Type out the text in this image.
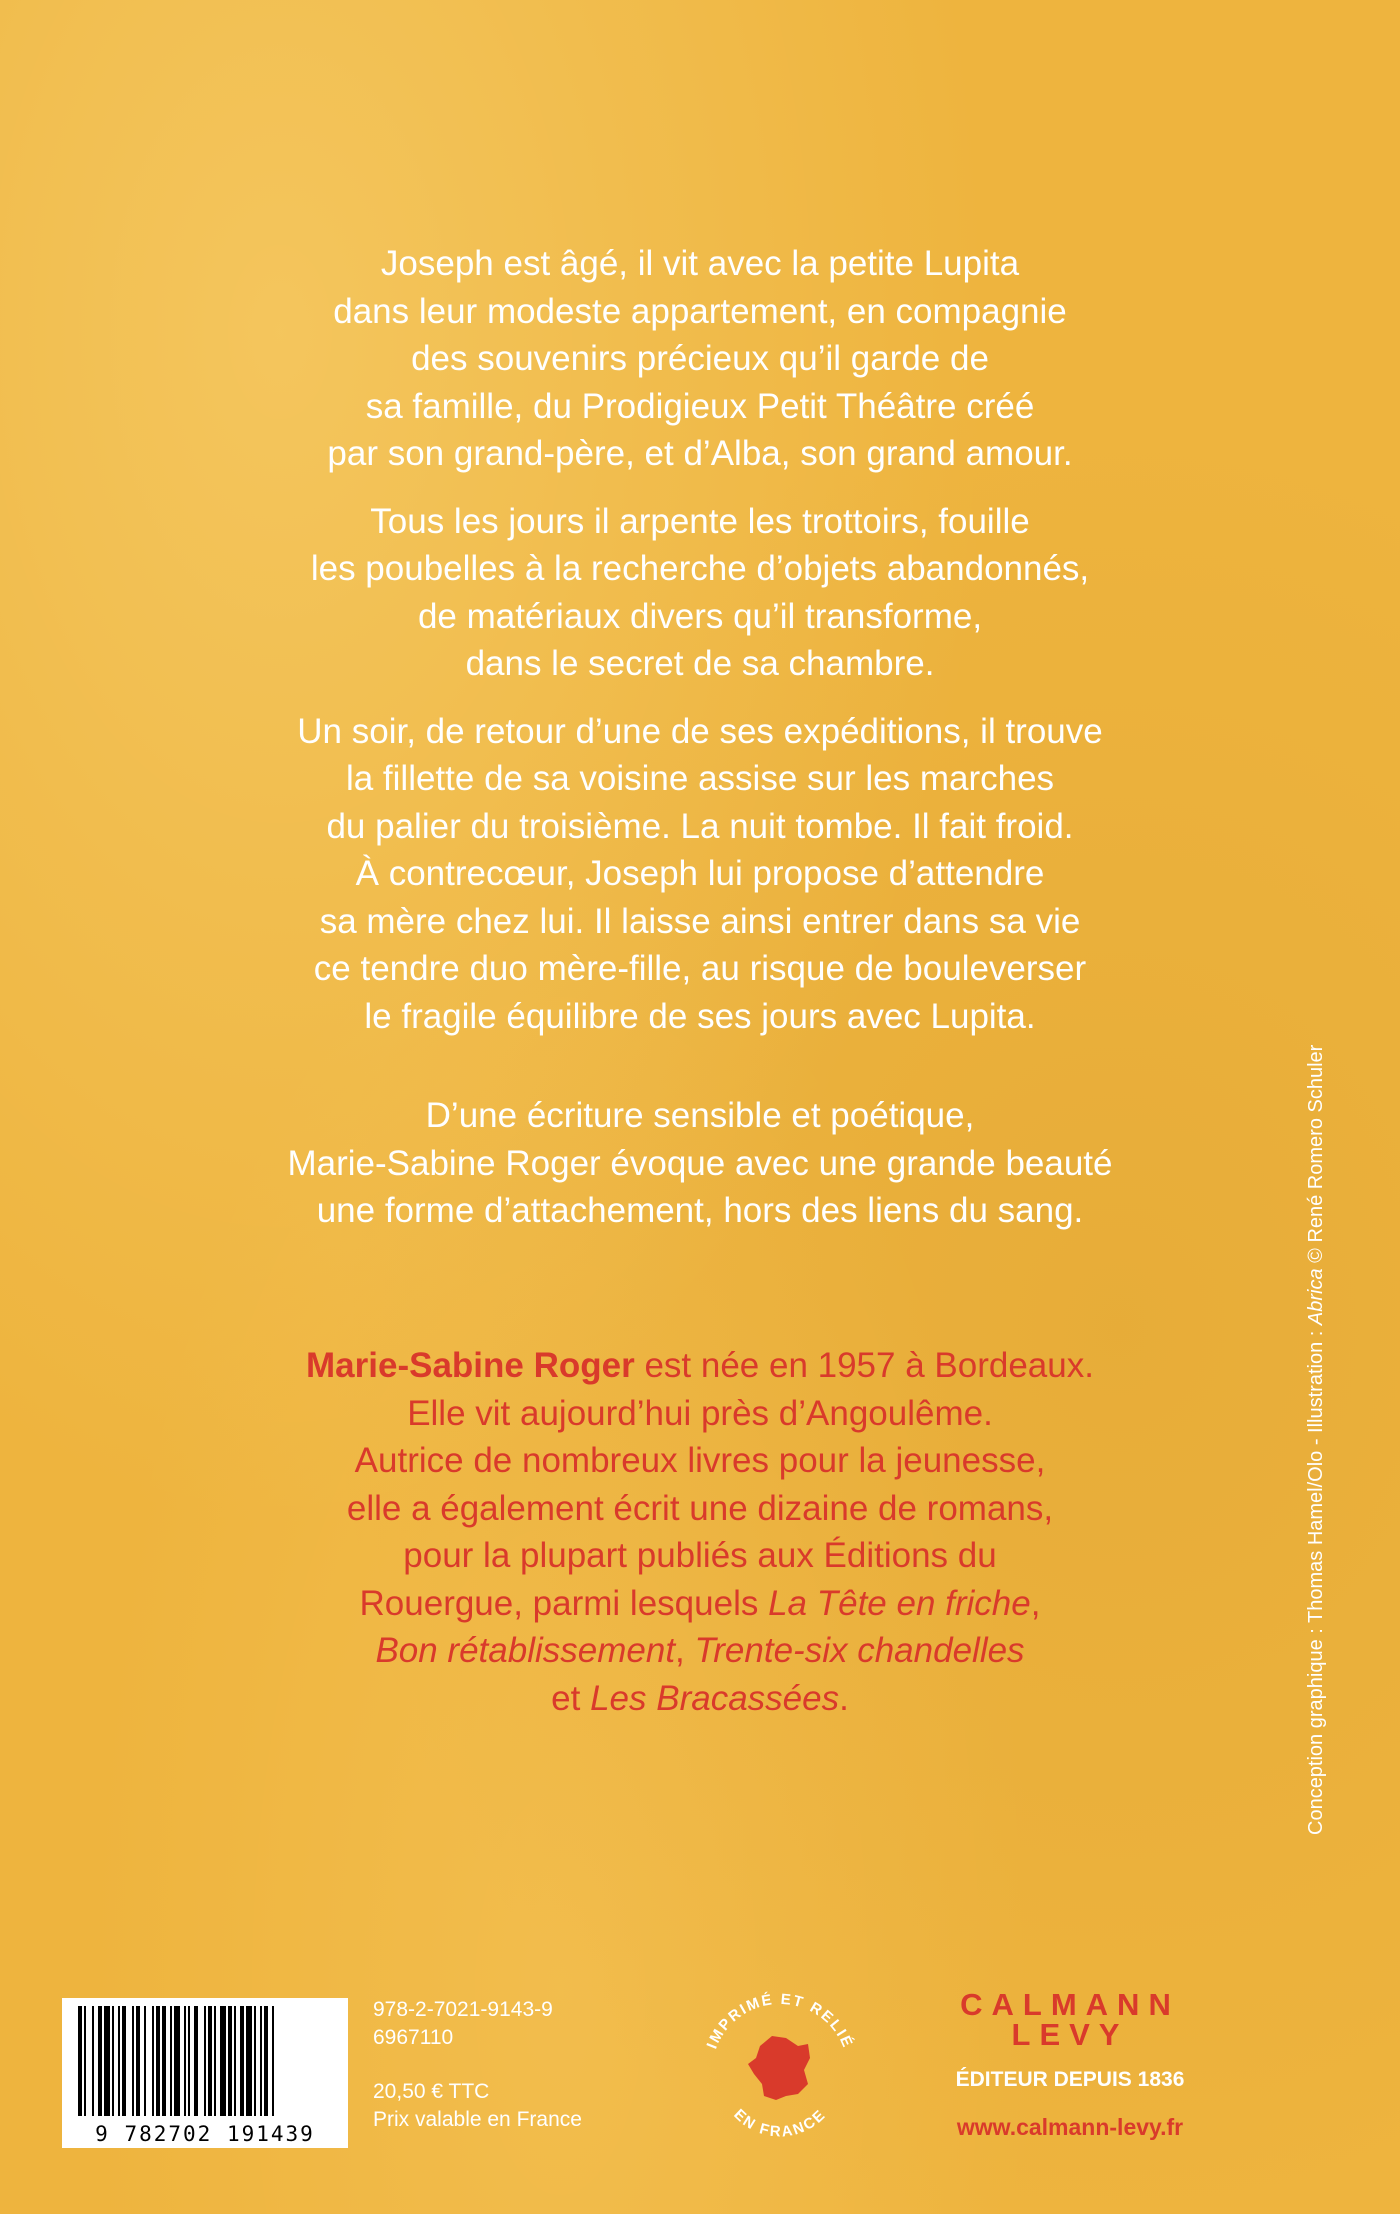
Joseph est âgé, il vit avec la petite Lupita
dans leur modeste appartement, en compagnie
des souvenirs précieux qu’il garde de
sa famille, du Prodigieux Petit Théâtre créé
par son grand-père, et d’Alba, son grand amour.

Tous les jours il arpente les trottoirs, fouille
les poubelles à la recherche d’objets abandonnés,
de matériaux divers qu’il transforme,
dans le secret de sa chambre.

Un soir, de retour d’une de ses expéditions, il trouve
la fillette de sa voisine assise sur les marches
du palier du troisième. La nuit tombe. Il fait froid.
À contrecœur, Joseph lui propose d’attendre
sa mère chez lui. Il laisse ainsi entrer dans sa vie
ce tendre duo mère-fille, au risque de bouleverser
le fragile équilibre de ses jours avec Lupita.

D’une écriture sensible et poétique,
Marie-Sabine Roger évoque avec une grande beauté
une forme d’attachement, hors des liens du sang.

Marie-Sabine Roger est née en 1957 à Bordeaux.
Elle vit aujourd’hui près d’Angoulême.
Autrice de nombreux livres pour la jeunesse,
elle a également écrit une dizaine de romans,
pour la plupart publiés aux Éditions du
Rouergue, parmi lesquels La Tête en friche,
Bon rétablissement, Trente-six chandelles
et Les Bracassées.	Conception graphique : Thomas Hamel/Olo - Illustration : Abrica © René Romero Schuler
9 782702 191439
978-2-7021-9143-9
6967110
20,50 € TTC
Prix valable en France
IMPRIMÉ ET RELIÉ
EN FRANCE
CALMANN
LEVY
ÉDITEUR DEPUIS 1836
www.calmann-levy.fr
